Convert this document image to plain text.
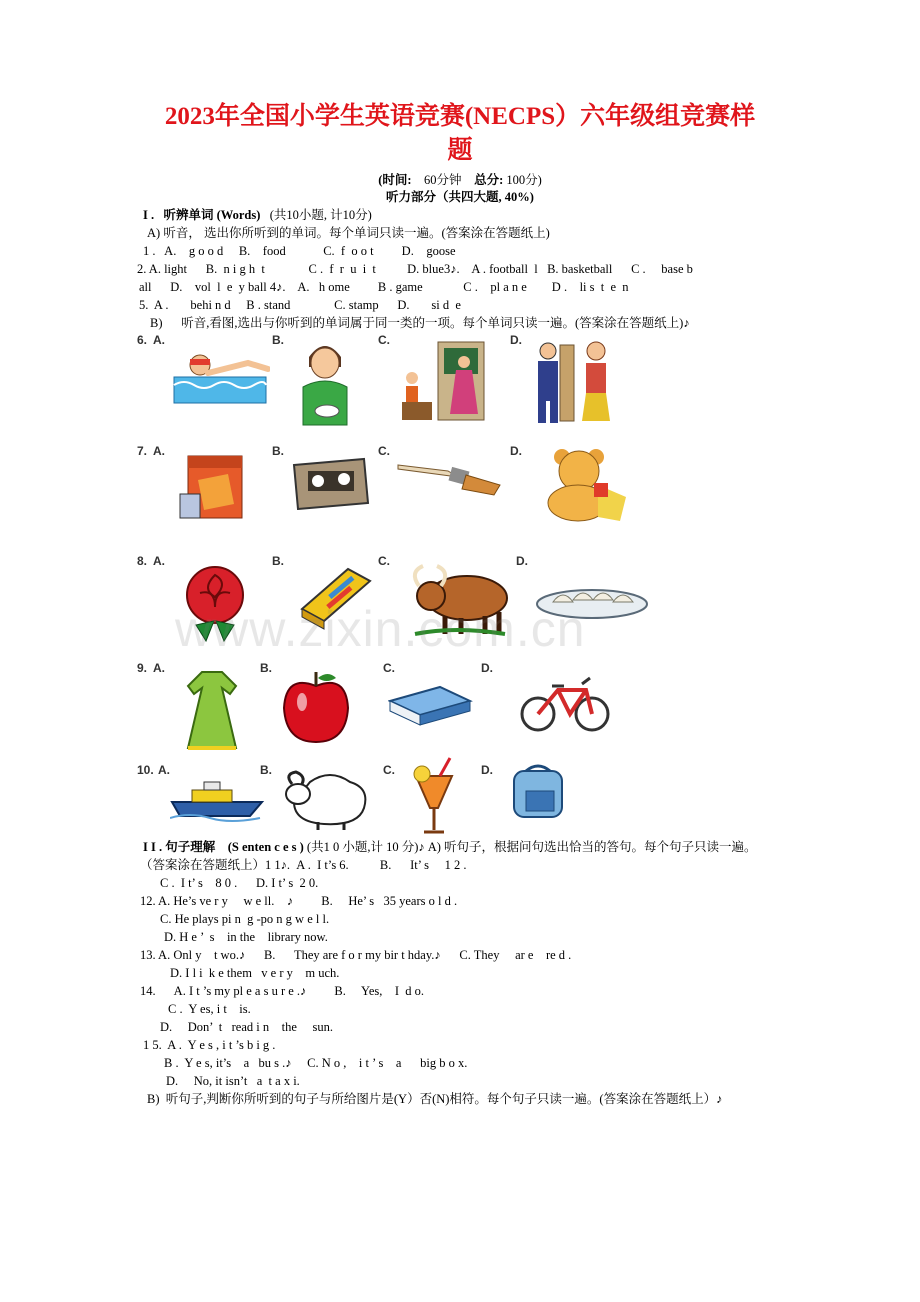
2023年全国小学生英语竞赛(NECPS）六年级组竞赛样
题
(时间: 60分钟 总分: 100分)
听力部分（共四大题, 40%)
I . 听辨单词 (Words) (共10小题, 计10分)
A) 听音， 选出你所听到的单词。每个单词只读一遍。(答案涂在答题纸上)
1 .   A.    g o o d     B.    food            C.  f  o o t         D.    goose
2. A. light      B.  n i g h  t              C .  f  r  u  i  t          D. blue3♪.    A . football  l   B. basketball      C .     base b
all      D.    vol  l  e  y ball 4♪.    A.   h ome         B . game             C .    pl a n e        D .    li s  t  e  n
5.  A .       behi n d     B . stand              C. stamp      D.       si d  e
B)      听音,看图,选出与你听到的单词属于同一类的一项。每个单词只读一遍。(答案涂在答题纸上)♪
6. A.	B.	C.	D.
7. A.	B.	C.	D.
8. A.	B.	C.	D.
www.zixin.com.cn
9. A.	B.	C.	D.
10. A.	B.	C.	D.
I I . 句子理解 (S enten c e s ) (共1 0 小题,计 10 分)♪ A) 听句子，根据问句选出恰当的答句。每个句子只读一遍。
（答案涂在答题纸上）1 1♪.  A .  I t’s 6.          B.      It’ s     1 2 .
C .  I t’ s    8 0 .      D. I t’ s  2 0.
12. A. He’s ve r y     w e ll.    ♪         B.     He’ s   35 years o l d .
C. He plays pi n  g -po n g w e l l.
D. H e ’  s    in the    library now.
13. A. Onl y    t wo.♪      B.      They are f o r my bir t hday.♪      C. They     ar e    re d .
D. I l i  k e them   v e r y    m uch.
14.      A. I t ’s my pl e a s u r e .♪         B.     Yes,    I  d o.
C .  Y es, i t    is.
D.     Don’  t   read i n    the     sun.
1 5.  A .  Y e s , i t ’s b i g .
B .  Y e s, it’s    a   bu s .♪     C. N o ,    i t ’ s    a      big b o x.
D.     No, it isn’t   a  t a x i.
B)  听句子,判断你所听到的句子与所给图片是(Y）否(N)相符。每个句子只读一遍。(答案涂在答题纸上）♪
